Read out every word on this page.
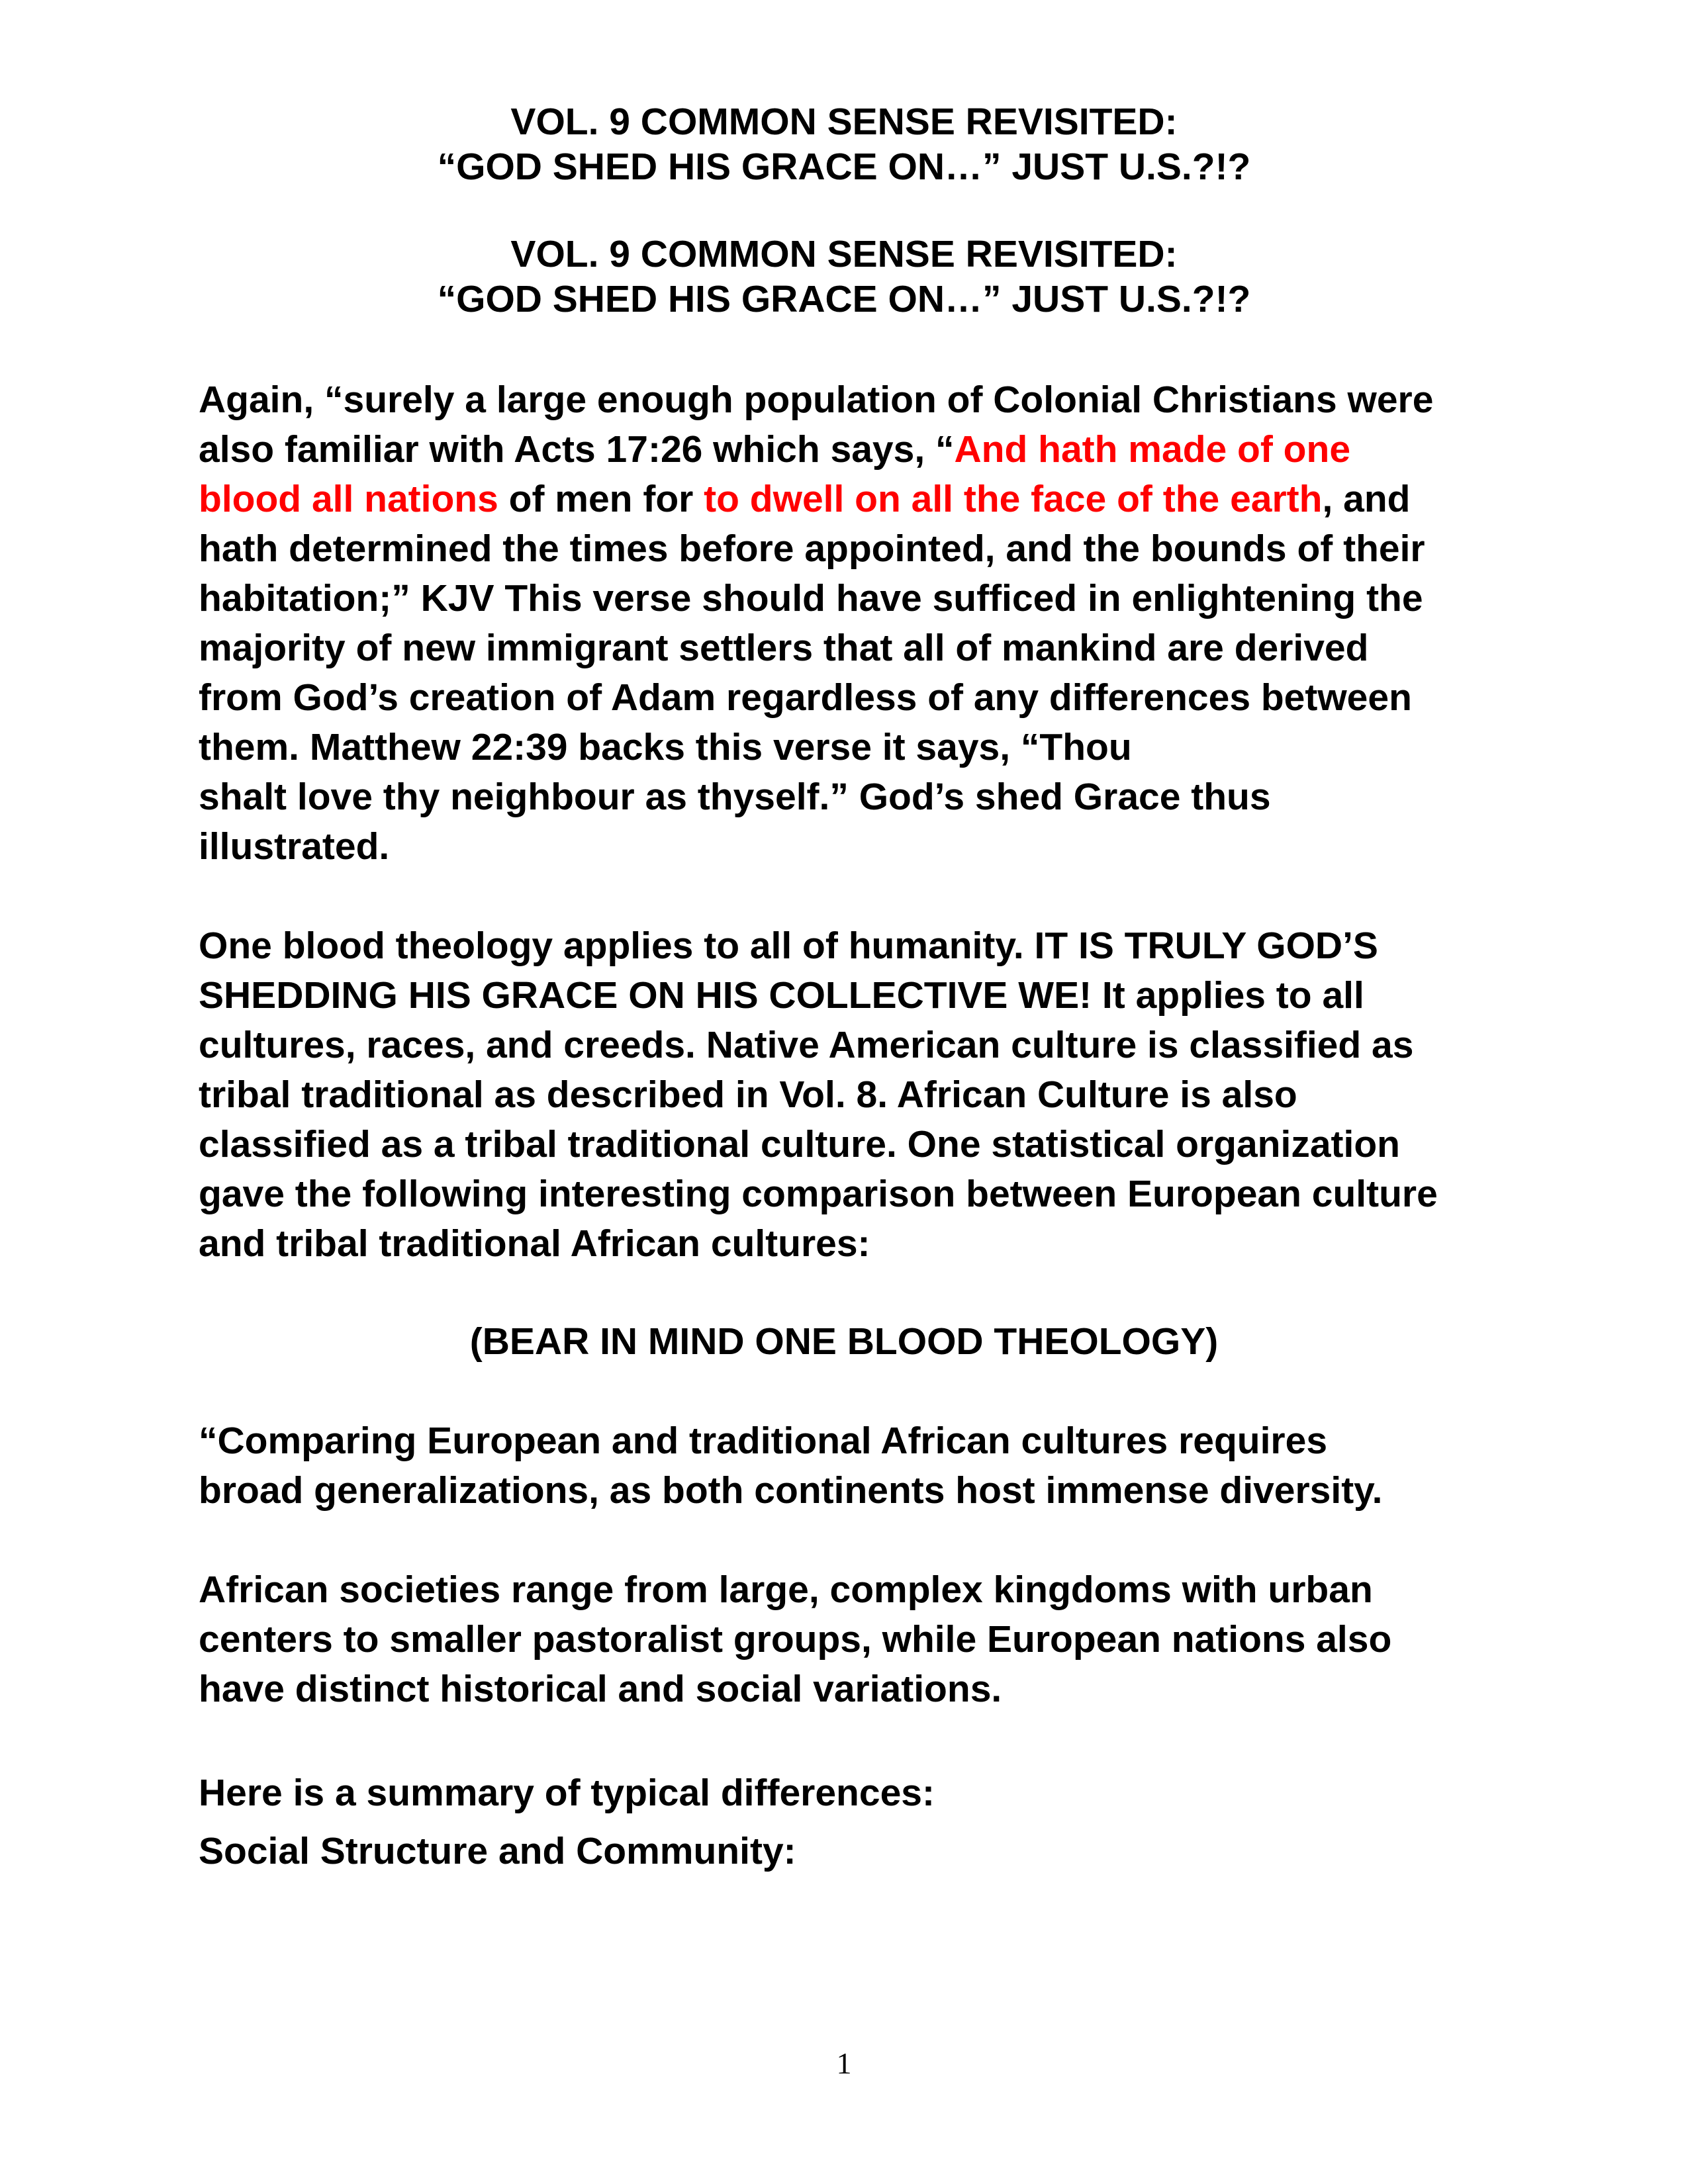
VOL. 9 COMMON SENSE REVISITED:
“GOD SHED HIS GRACE ON…” JUST U.S.?!?
VOL. 9 COMMON SENSE REVISITED:
“GOD SHED HIS GRACE ON…” JUST U.S.?!?
Again, “surely a large enough population of Colonial Christians were
also familiar with Acts 17:26 which says, “And hath made of one
blood all nations of men for to dwell on all the face of the earth, and
hath determined the times before appointed, and the bounds of their
habitation;” KJV This verse should have sufficed in enlightening the
majority of new immigrant settlers that all of mankind are derived
from God’s creation of Adam regardless of any differences between
them. Matthew 22:39 backs this verse it says, “Thou
shalt love thy neighbour as thyself.” God’s shed Grace thus
illustrated.
One blood theology applies to all of humanity. IT IS TRULY GOD’S
SHEDDING HIS GRACE ON HIS COLLECTIVE WE! It applies to all
cultures, races, and creeds. Native American culture is classified as
tribal traditional as described in Vol. 8. African Culture is also
classified as a tribal traditional culture. One statistical organization
gave the following interesting comparison between European culture
and tribal traditional African cultures:
(BEAR IN MIND ONE BLOOD THEOLOGY)
“Comparing European and traditional African cultures requires
broad generalizations, as both continents host immense diversity.
African societies range from large, complex kingdoms with urban
centers to smaller pastoralist groups, while European nations also
have distinct historical and social variations.
Here is a summary of typical differences:
Social Structure and Community:
1
